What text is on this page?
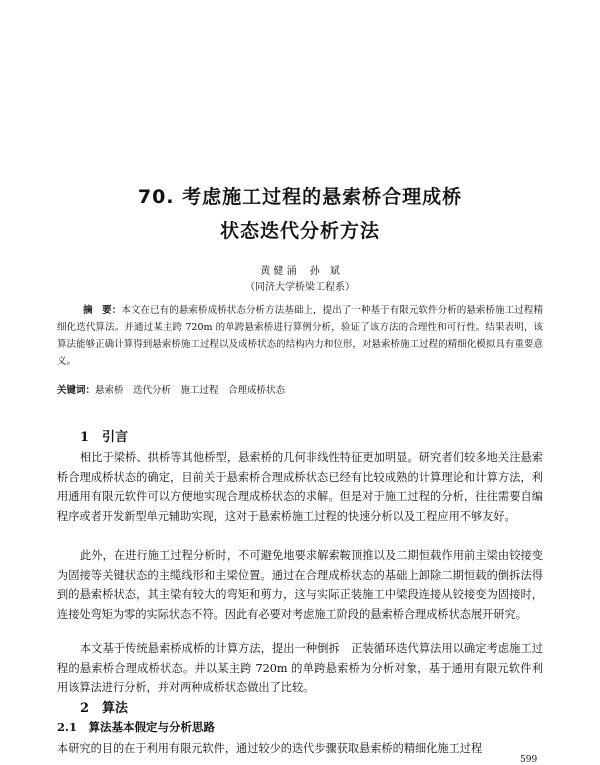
70. 考虑施工过程的悬索桥合理成桥
状态迭代分析方法

黄 健 涌 　孙　斌

（同济大学桥梁工程系）

摘　要：本文在已有的悬索桥成桥状态分析方法基础上，提出了一种基于有限元软件分析的悬索桥施工过程精细化迭代算法。并通过某主跨 720m 的单跨悬索桥进行算例分析，验证了该方法的合理性和可行性。结果表明，该算法能够正确计算得到悬索桥施工过程以及成桥状态的结构内力和位形，对悬索桥施工过程的精细化模拟具有重要意义。

关键词：悬索桥　迭代分析　施工过程　合理成桥状态

1　引言

相比于梁桥、拱桥等其他桥型，悬索桥的几何非线性特征更加明显。研究者们较多地关注悬索桥合理成桥状态的确定，目前关于悬索桥合理成桥状态已经有比较成熟的计算理论和计算方法，利用通用有限元软件可以方便地实现合理成桥状态的求解。但是对于施工过程的分析，往往需要自编程序或者开发新型单元辅助实现，这对于悬索桥施工过程的快速分析以及工程应用不够友好。

此外，在进行施工过程分析时，不可避免地要求解索鞍顶推以及二期恒载作用前主梁由铰接变为固接等关键状态的主缆线形和主梁位置。通过在合理成桥状态的基础上卸除二期恒载的倒拆法得到的悬索桥状态，其主梁有较大的弯矩和剪力，这与实际正装施工中梁段连接从铰接变为固接时，连接处弯矩为零的实际状态不符。因此有必要对考虑施工阶段的悬索桥合理成桥状态展开研究。

本文基于传统悬索桥成桥的计算方法，提出一种倒拆　正装循环迭代算法用以确定考虑施工过程的悬索桥合理成桥状态。并以某主跨 720m 的单跨悬索桥为分析对象，基于通用有限元软件利用该算法进行分析，并对两种成桥状态做出了比较。

2　算法
2.1　算法基本假定与分析思路

本研究的目的在于利用有限元软件，通过较少的迭代步骤获取悬索桥的精细化施工过程

599
